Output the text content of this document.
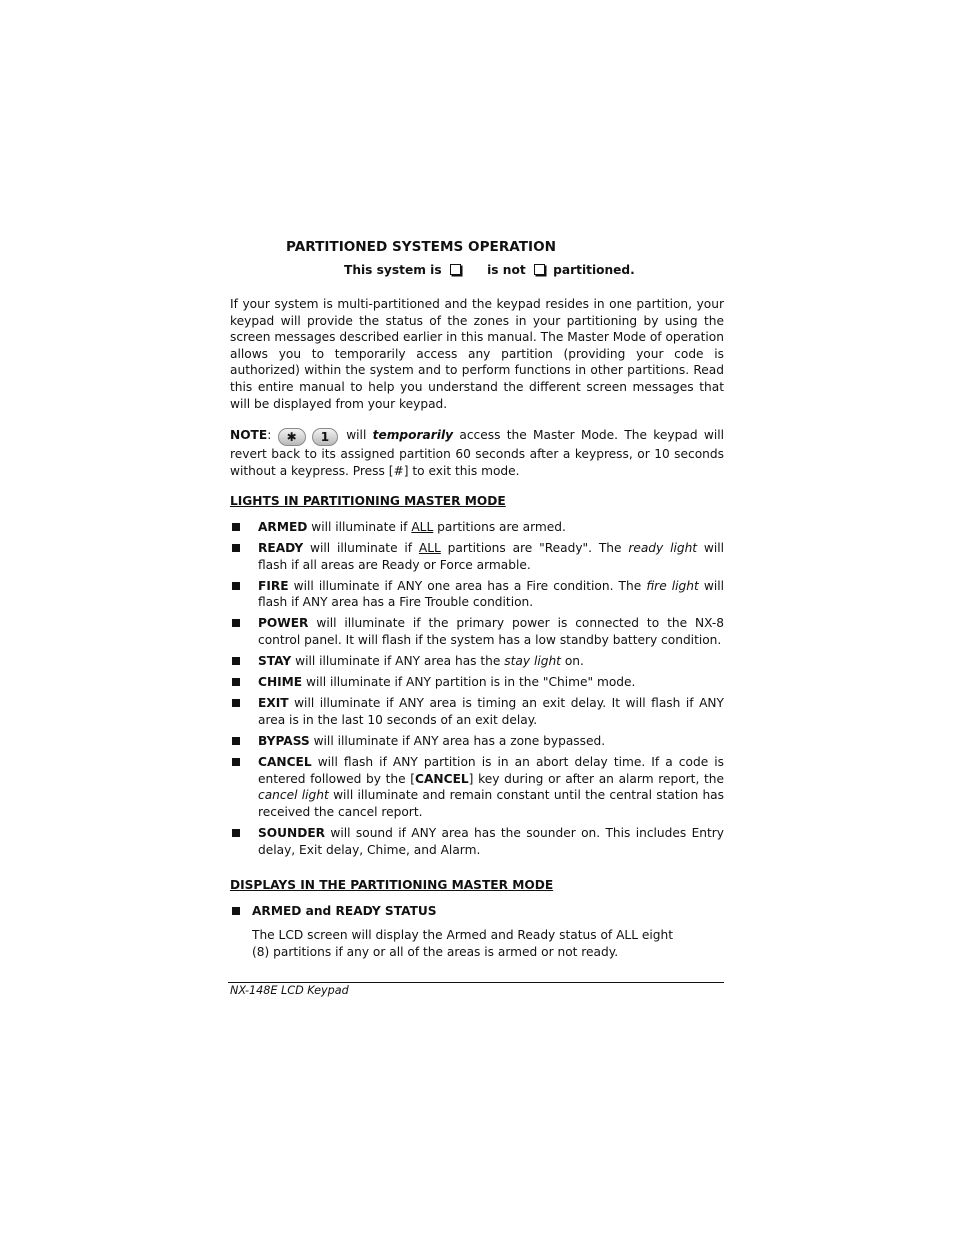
PARTITIONED SYSTEMS OPERATION
This system is	is not partitioned.
If your system is multi-partitioned and the keypad resides in one partition, your keypad will provide the status of the zones in your partitioning by using the screen messages described earlier in this manual. The Master Mode of operation allows you to temporarily access any partition (providing your code is authorized) within the system and to perform functions in other partitions. Read this entire manual to help you understand the different screen messages that will be displayed from your keypad.
NOTE: ✱ 1 will temporarily access the Master Mode. The keypad will revert back to its assigned partition 60 seconds after a keypress, or 10 seconds without a keypress. Press [#] to exit this mode.
LIGHTS IN PARTITIONING MASTER MODE
ARMED will illuminate if ALL partitions are armed.
READY will illuminate if ALL partitions are "Ready". The ready light will flash if all areas are Ready or Force armable.
FIRE will illuminate if ANY one area has a Fire condition. The fire light will flash if ANY area has a Fire Trouble condition.
POWER will illuminate if the primary power is connected to the NX-8 control panel. It will flash if the system has a low standby battery condition.
STAY will illuminate if ANY area has the stay light on.
CHIME will illuminate if ANY partition is in the "Chime" mode.
EXIT will illuminate if ANY area is timing an exit delay. It will flash if ANY area is in the last 10 seconds of an exit delay.
BYPASS will illuminate if ANY area has a zone bypassed.
CANCEL will flash if ANY partition is in an abort delay time. If a code is entered followed by the [CANCEL] key during or after an alarm report, the cancel light will illuminate and remain constant until the central station has received the cancel report.
SOUNDER will sound if ANY area has the sounder on. This includes Entry delay, Exit delay, Chime, and Alarm.
DISPLAYS IN THE PARTITIONING MASTER MODE
ARMED and READY STATUS
The LCD screen will display the Armed and Ready status of ALL eight (8) partitions if any or all of the areas is armed or not ready.
NX-148E LCD Keypad
